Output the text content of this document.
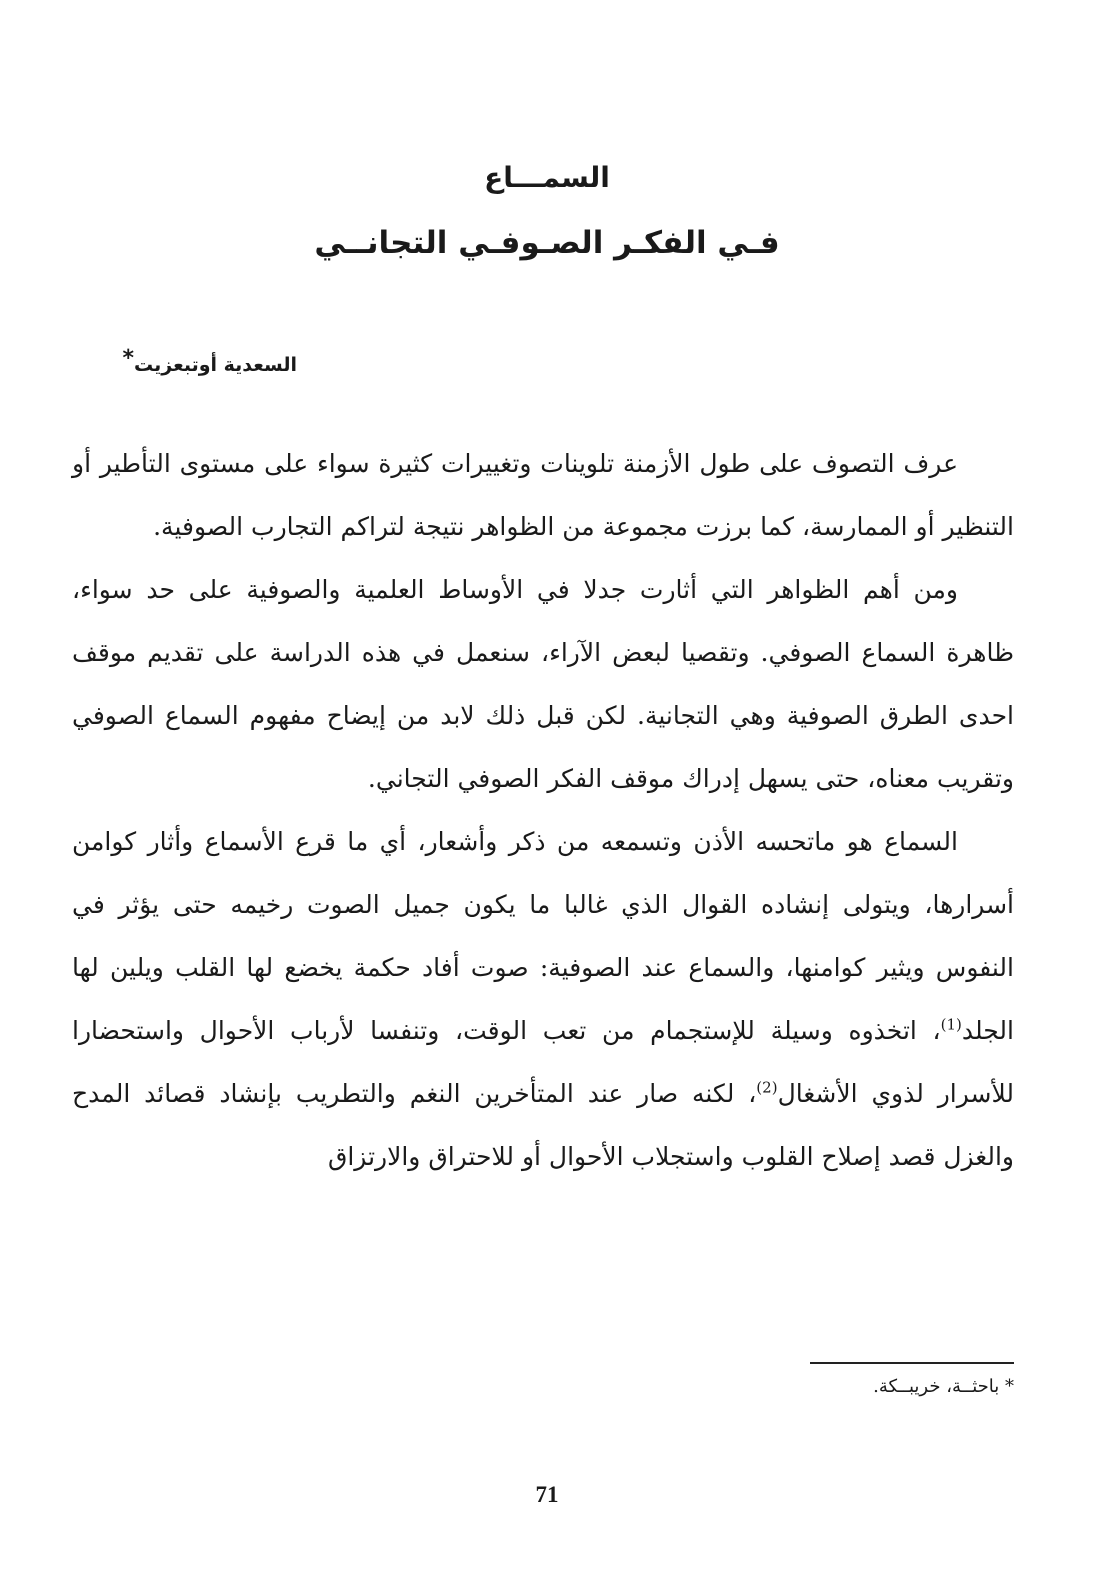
السمـــاع
فـي الفكـر الصـوفـي التجانــي
السعدية أوتبعزيت*

عرف التصوف على طول الأزمنة تلوينات وتغييرات كثيرة سواء على مستوى التأطير أو التنظير أو الممارسة، كما برزت مجموعة من الظواهر نتيجة لتراكم التجارب الصوفية.

ومن أهم الظواهر التي أثارت جدلا في الأوساط العلمية والصوفية على حد سواء، ظاهرة السماع الصوفي. وتقصيا لبعض الآراء، سنعمل في هذه الدراسة على تقديم موقف احدى الطرق الصوفية وهي التجانية. لكن قبل ذلك لابد من إيضاح مفهوم السماع الصوفي وتقريب معناه، حتى يسهل إدراك موقف الفكر الصوفي التجاني.

السماع هو ماتحسه الأذن وتسمعه من ذكر وأشعار، أي ما قرع الأسماع وأثار كوامن أسرارها، ويتولى إنشاده القوال الذي غالبا ما يكون جميل الصوت رخيمه حتى يؤثر في النفوس ويثير كوامنها، والسماع عند الصوفية: صوت أفاد حكمة يخضع لها القلب ويلين لها الجلد$^{(1)}$، اتخذوه وسيلة للإستجمام من تعب الوقت، وتنفسا لأرباب الأحوال واستحضارا للأسرار لذوي الأشغال$^{(2)}$، لكنه صار عند المتأخرين النغم والتطريب بإنشاد قصائد المدح والغزل قصد إصلاح القلوب واستجلاب الأحوال أو للاحتراق والارتزاق

* باحثــة، خريبــكة.
71
